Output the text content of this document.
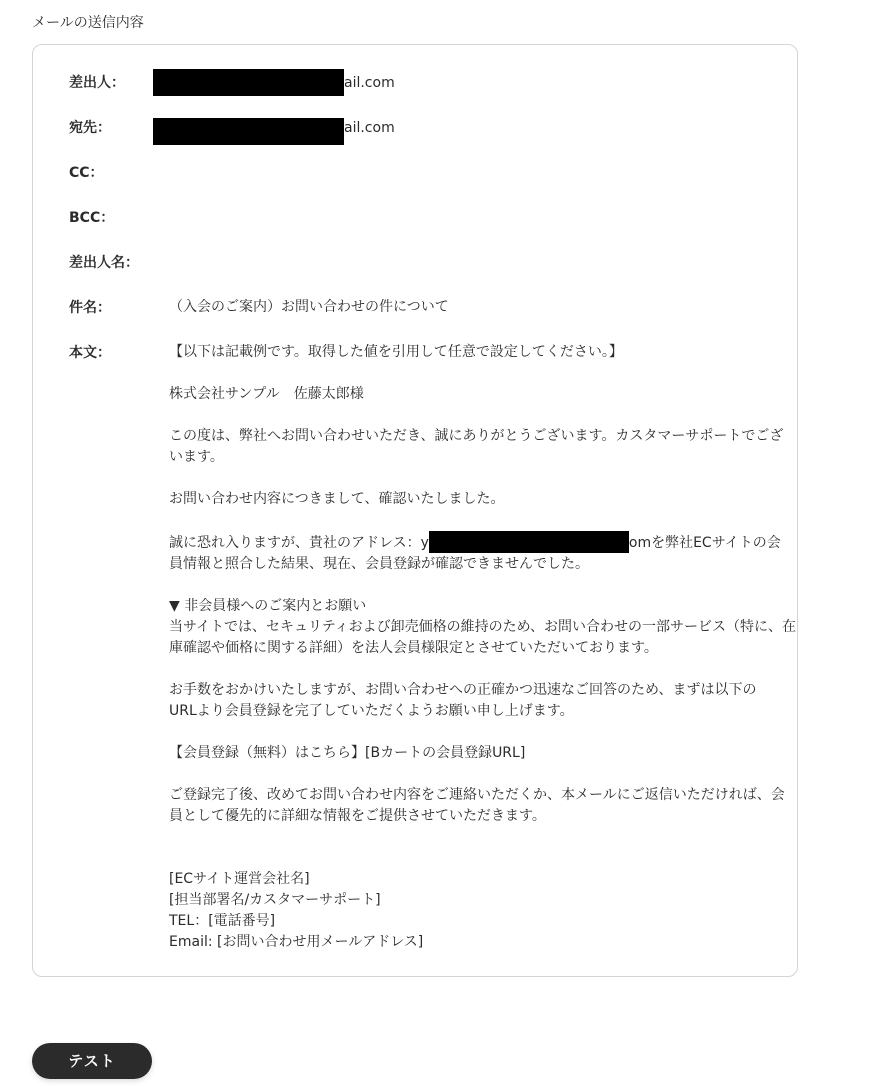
メールの送信内容
差出人：	ail.com
宛先：	ail.com
CC：
BCC：
差出人名：
件名：	（入会のご案内）お問い合わせの件について
本文：	【以下は記載例です。取得した値を引用して任意で設定してください。】
株式会社サンプル　佐藤太郎様
この度は、弊社へお問い合わせいただき、誠にありがとうございます。カスタマーサポートでござ
います。
お問い合わせ内容につきまして、確認いたしました。
誠に恐れ入りますが、貴社のアドレス：y	omを弊社ECサイトの会
員情報と照合した結果、現在、会員登録が確認できませんでした。
▼ 非会員様へのご案内とお願い
当サイトでは、セキュリティおよび卸売価格の維持のため、お問い合わせの一部サービス（特に、在
庫確認や価格に関する詳細）を法人会員様限定とさせていただいております。
お手数をおかけいたしますが、お問い合わせへの正確かつ迅速なご回答のため、まずは以下の
URLより会員登録を完了していただくようお願い申し上げます。
【会員登録（無料）はこちら】[Bカートの会員登録URL]
ご登録完了後、改めてお問い合わせ内容をご連絡いただくか、本メールにご返信いただければ、会
員として優先的に詳細な情報をご提供させていただきます。
[ECサイト運営会社名]
[担当部署名/カスタマーサポート]
TEL：[電話番号]
Email: [お問い合わせ用メールアドレス]
テスト
